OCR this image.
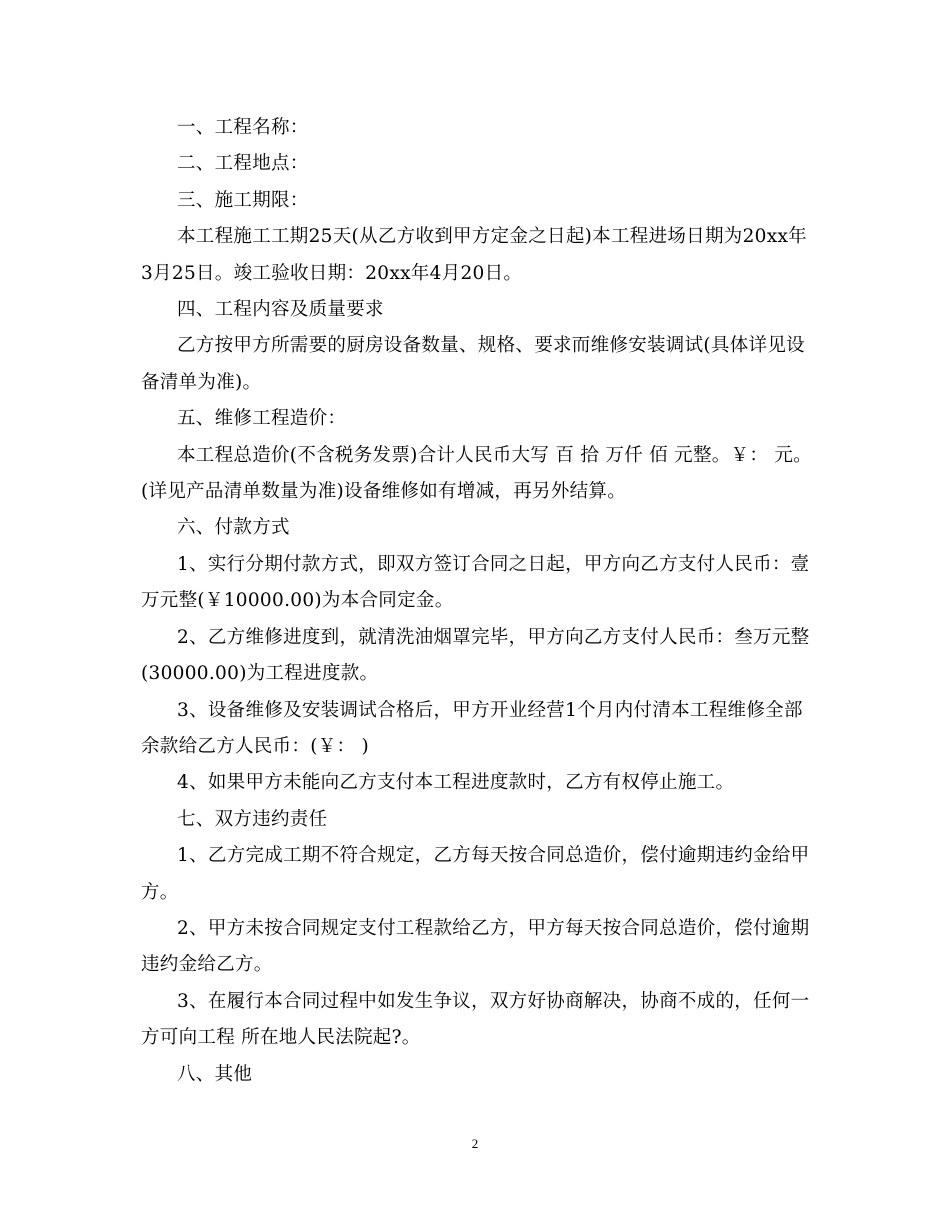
一、工程名称：
二、工程地点：
三、施工期限：
本工程施工工期25天(从乙方收到甲方定金之日起)本工程进场日期为20xx年
3月25日。竣工验收日期：20xx年4月20日。
四、工程内容及质量要求
乙方按甲方所需要的厨房设备数量、规格、要求而维修安装调试(具体详见设
备清单为准)。
五、维修工程造价：
本工程总造价(不含税务发票)合计人民币大写 百 拾 万仟 佰 元整。￥： 元。
(详见产品清单数量为准)设备维修如有增减，再另外结算。
六、付款方式
1、实行分期付款方式，即双方签订合同之日起，甲方向乙方支付人民币：壹
万元整(￥10000.00)为本合同定金。
2、乙方维修进度到，就清洗油烟罩完毕，甲方向乙方支付人民币：叁万元整
(30000.00)为工程进度款。
3、设备维修及安装调试合格后，甲方开业经营1个月内付清本工程维修全部
余款给乙方人民币：(￥： )
4、如果甲方未能向乙方支付本工程进度款时，乙方有权停止施工。
七、双方违约责任
1、乙方完成工期不符合规定，乙方每天按合同总造价，偿付逾期违约金给甲
方。
2、甲方未按合同规定支付工程款给乙方，甲方每天按合同总造价，偿付逾期
违约金给乙方。
3、在履行本合同过程中如发生争议，双方好协商解决，协商不成的，任何一
方可向工程 所在地人民法院起?。
八、其他
2
